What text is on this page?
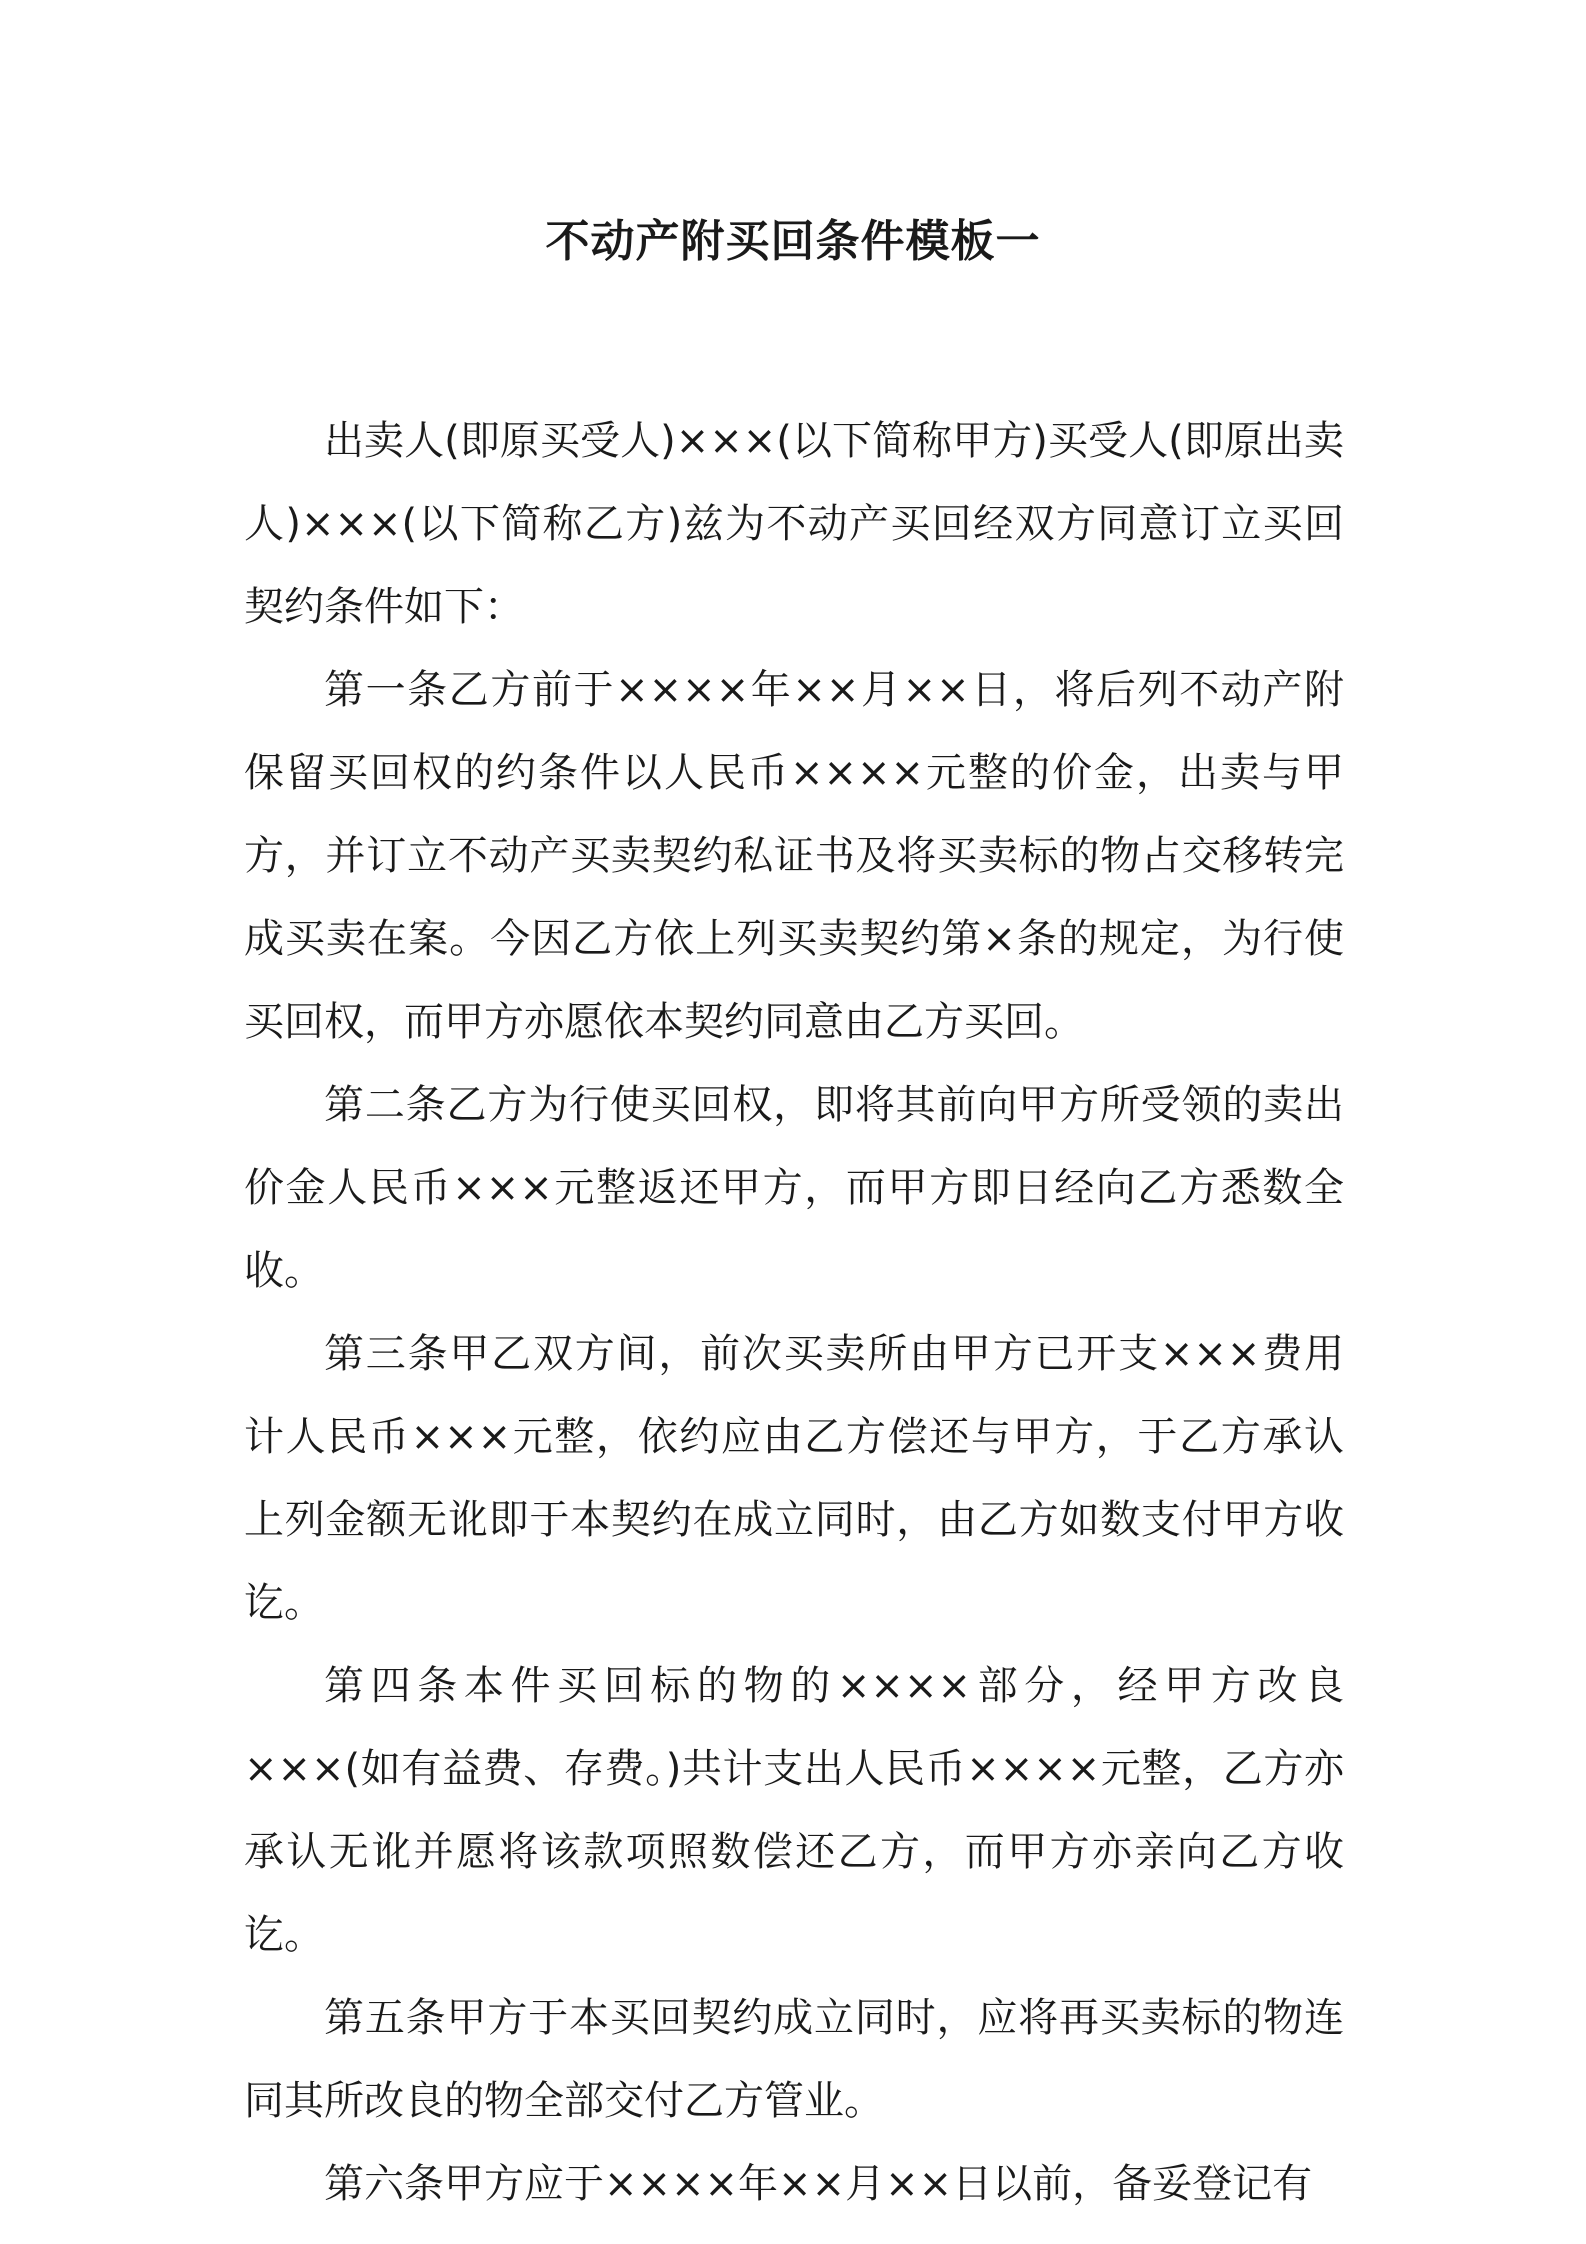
不动产附买回条件模板一

出卖人(即原买受人)×××(以下简称甲方)买受人(即原出卖人)×××(以下简称乙方)兹为不动产买回经双方同意订立买回契约条件如下：

第一条乙方前于××××年××月××日，将后列不动产附保留买回权的约条件以人民币××××元整的价金，出卖与甲方，并订立不动产买卖契约私证书及将买卖标的物占交移转完成买卖在案。今因乙方依上列买卖契约第×条的规定，为行使买回权，而甲方亦愿依本契约同意由乙方买回。

第二条乙方为行使买回权，即将其前向甲方所受领的卖出价金人民币×××元整返还甲方，而甲方即日经向乙方悉数全收。

第三条甲乙双方间，前次买卖所由甲方已开支×××费用计人民币×××元整，依约应由乙方偿还与甲方，于乙方承认上列金额无讹即于本契约在成立同时，由乙方如数支付甲方收讫。

第四条本件买回标的物的××××部分，经甲方改良×××(如有益费、存费。)共计支出人民币××××元整，乙方亦承认无讹并愿将该款项照数偿还乙方，而甲方亦亲向乙方收讫。

第五条甲方于本买回契约成立同时，应将再买卖标的物连同其所改良的物全部交付乙方管业。

第六条甲方应于××××年××月××日以前，备妥登记有
